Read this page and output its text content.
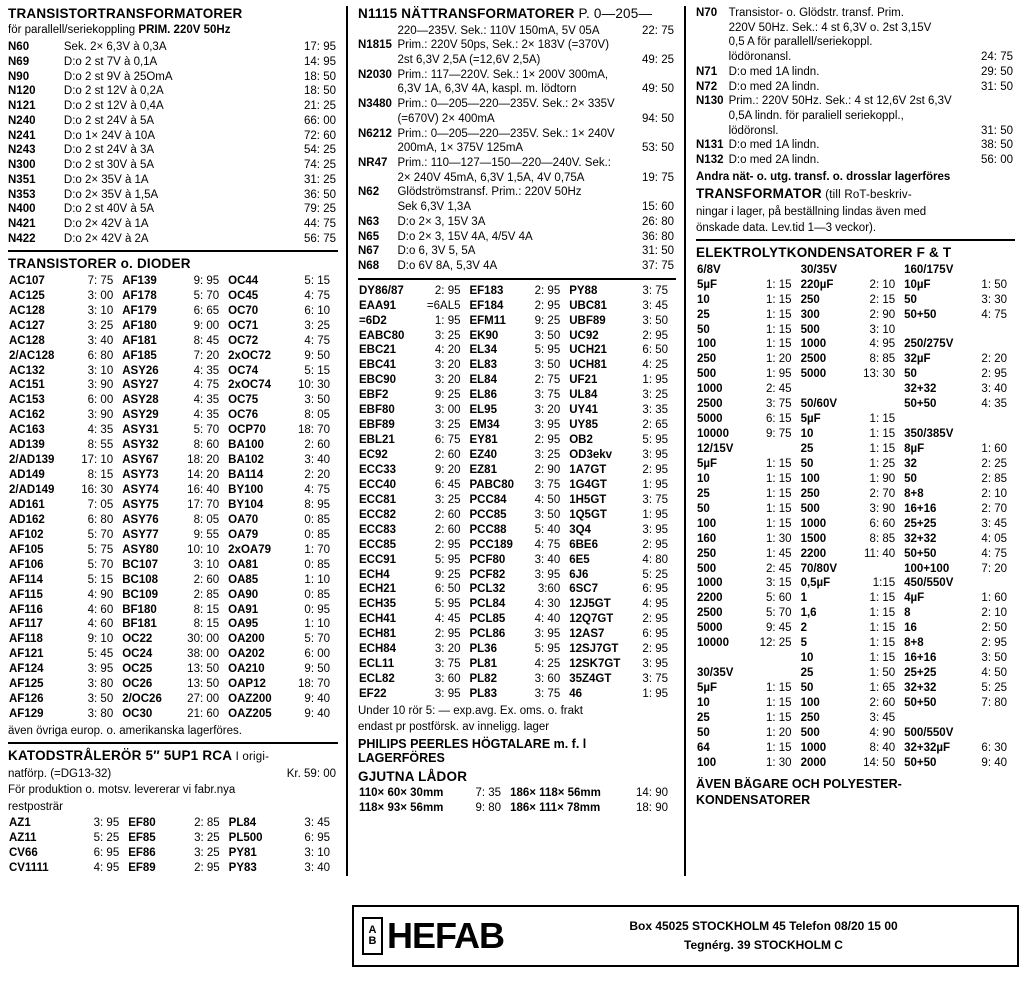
TRANSISTORTRANSFORMATORER

för parallell/seriekoppling PRIM. 220V 50Hz

N60	Sek. 2× 6,3V à 0,3A	17: 95
N69	D:o 2 st 7V à 0,1A	14: 95
N90	D:o 2 st 9V à 25OmA	18: 50
N120	D:o 2 st 12V à 0,2A	18: 50
N121	D:o 2 st 12V à 0,4A	21: 25
N240	D:o 2 st 24V à 5A	66: 00
N241	D:o 1× 24V à 10A	72: 60
N243	D:o 2 st 24V à 3A	54: 25
N300	D:o 2 st 30V à 5A	74: 25
N351	D:o 2× 35V à 1A	31: 25
N353	D:o 2× 35V à 1,5A	36: 50
N400	D:o 2 st 40V à 5A	79: 25
N421	D:o 2× 42V à 1A	44: 75
N422	D:o 2× 42V à 2A	56: 75
TRANSISTORER o. DIODER
AC107	7: 75	AF139	9: 95	OC44	5: 15
AC125	3: 00	AF178	5: 70	OC45	4: 75
AC128	3: 10	AF179	6: 65	OC70	6: 10
AC127	3: 25	AF180	9: 00	OC71	3: 25
AC128	3: 40	AF181	8: 45	OC72	4: 75
2/AC128	6: 80	AF185	7: 20	2xOC72	9: 50
AC132	3: 10	ASY26	4: 35	OC74	5: 15
AC151	3: 90	ASY27	4: 75	2xOC74	10: 30
AC153	6: 00	ASY28	4: 35	OC75	3: 50
AC162	3: 90	ASY29	4: 35	OC76	8: 05
AC163	4: 35	ASY31	5: 70	OCP70	18: 70
AD139	8: 55	ASY32	8: 60	BA100	2: 60
2/AD139	17: 10	ASY67	18: 20	BA102	3: 40
AD149	8: 15	ASY73	14: 20	BA114	2: 20
2/AD149	16: 30	ASY74	16: 40	BY100	4: 75
AD161	7: 05	ASY75	17: 70	BY104	8: 95
AD162	6: 80	ASY76	8: 05	OA70	0: 85
AF102	5: 70	ASY77	9: 55	OA79	0: 85
AF105	5: 75	ASY80	10: 10	2xOA79	1: 70
AF106	5: 70	BC107	3: 10	OA81	0: 85
AF114	5: 15	BC108	2: 60	OA85	1: 10
AF115	4: 90	BC109	2: 85	OA90	0: 85
AF116	4: 60	BF180	8: 15	OA91	0: 95
AF117	4: 60	BF181	8: 15	OA95	1: 10
AF118	9: 10	OC22	30: 00	OA200	5: 70
AF121	5: 45	OC24	38: 00	OA202	6: 00
AF124	3: 95	OC25	13: 50	OA210	9: 50
AF125	3: 80	OC26	13: 50	OAP12	18: 70
AF126	3: 50	2/OC26	27: 00	OAZ200	9: 40
AF129	3: 80	OC30	21: 60	OAZ205	9: 40
även övriga europ. o. amerikanska lagerföres.
KATODSTRÅLERÖR 5″ 5UP1 RCA I origi-
natförp. (=DG13-32)	Kr. 59: 00
För produktion o. motsv. levererar vi fabr.nya
restposträr
AZ1	3: 95	EF80	2: 85	PL84	3: 45
AZ11	5: 25	EF85	3: 25	PL500	6: 95
CV66	6: 95	EF86	3: 25	PY81	3: 10
CV1111	4: 95	EF89	2: 95	PY83	3: 40
N1115 NÄTTRANSFORMATORER P. 0—205—
	220—235V. Sek.: 110V 150mA, 5V 05A	22: 75
N1815	Prim.: 220V 50ps, Sek.: 2× 183V (=370V)	
	2st 6,3V 2,5A (=12,6V 2,5A)	49: 25
N2030	Prim.: 117—220V. Sek.: 1× 200V 300mA,	
	6,3V 1A, 6,3V 4A, kaspl. m. lödtorn	49: 50
N3480	Prim.: 0—205—220—235V. Sek.: 2× 335V	
	(=670V) 2× 400mA	94: 50
N6212	Prim.: 0—205—220—235V. Sek.: 1× 240V	
	200mA, 1× 375V 125mA	53: 50
NR47	Prim.: 110—127—150—220—240V. Sek.:	
	2× 240V 45mA, 6,3V 1,5A, 4V 0,75A	19: 75
N62	Glödströmstransf. Prim.: 220V 50Hz	
	Sek 6,3V 1,3A	15: 60
N63	D:o 2× 3, 15V 3A	26: 80
N65	D:o 2× 3, 15V 4A, 4/5V 4A	36: 80
N67	D:o 6, 3V 5, 5A	31: 50
N68	D:o 6V 8A, 5,3V 4A	37: 75
DY86/87	2: 95	EF183	2: 95	PY88	3: 75
EAA91	=6AL5	EF184	2: 95	UBC81	3: 45
=6D2	1: 95	EFM11	9: 25	UBF89	3: 50
EABC80	3: 25	EK90	3: 50	UC92	2: 95
EBC21	4: 20	EL34	5: 95	UCH21	6: 50
EBC41	3: 20	EL83	3: 50	UCH81	4: 25
EBC90	3: 20	EL84	2: 75	UF21	1: 95
EBF2	9: 25	EL86	3: 75	UL84	3: 25
EBF80	3: 00	EL95	3: 20	UY41	3: 35
EBF89	3: 25	EM34	3: 95	UY85	2: 65
EBL21	6: 75	EY81	2: 95	OB2	5: 95
EC92	2: 60	EZ40	3: 25	OD3ekv	3: 95
ECC33	9: 20	EZ81	2: 90	1A7GT	2: 95
ECC40	6: 45	PABC80	3: 75	1G4GT	1: 95
ECC81	3: 25	PCC84	4: 50	1H5GT	3: 75
ECC82	2: 60	PCC85	3: 50	1Q5GT	1: 95
ECC83	2: 60	PCC88	5: 40	3Q4	3: 95
ECC85	2: 95	PCC189	4: 75	6BE6	2: 95
ECC91	5: 95	PCF80	3: 40	6E5	4: 80
ECH4	9: 25	PCF82	3: 95	6J6	5: 25
ECH21	6: 50	PCL32	3:60	6SC7	6: 95
ECH35	5: 95	PCL84	4: 30	12J5GT	4: 95
ECH41	4: 45	PCL85	4: 40	12Q7GT	2: 95
ECH81	2: 95	PCL86	3: 95	12AS7	6: 95
ECH84	3: 20	PL36	5: 95	12SJ7GT	2: 95
ECL11	3: 75	PL81	4: 25	12SK7GT	3: 95
ECL82	3: 60	PL82	3: 60	35Z4GT	3: 75
EF22	3: 95	PL83	3: 75	46	1: 95
Under 10 rör 5: — exp.avg. Ex. oms. o. frakt
endast pr postförsk. av inneligg. lager
PHILIPS PEERLES HÖGTALARE m. f. l
LAGERFÖRES
GJUTNA LÅDOR
110× 60× 30mm	7: 35	186× 118× 56mm	14: 90
118× 93× 56mm	9: 80	186× 111× 78mm	18: 90
N70	Transistor- o. Glödstr. transf. Prim.	
	220V 50Hz. Sek.: 4 st 6,3V o. 2st 3,15V	
	0,5 A för parallell/seriekoppl.	
	lödöronansl.	24: 75
N71	D:o med 1A lindn.	29: 50
N72	D:o med 2A lindn.	31: 50
N130	Prim.: 220V 50Hz. Sek.: 4 st 12,6V 2st 6,3V	
	0,5A lindn. för paraliell seriekoppl.,	
	lödöronsl.	31: 50
N131	D:o med 1A lindn.	38: 50
N132	D:o med 2A lindn.	56: 00
Andra nät- o. utg. transf. o. drosslar lagerföres
TRANSFORMATOR (till RoT-beskriv-
ningar i lager, på beställning lindas även med
önskade data. Lev.tid 1—3 veckor).
ELEKTROLYTKONDENSATORER F & T
6/8V		30/35V		160/175V	
5µF	1: 15	220µF	2: 10	10µF	1: 50
10	1: 15	250	2: 15	50	3: 30
25	1: 15	300	2: 90	50+50	4: 75
50	1: 15	500	3: 10		
100	1: 15	1000	4: 95	250/275V	
250	1: 20	2500	8: 85	32µF	2: 20
500	1: 95	5000	13: 30	50	2: 95
1000	2: 45			32+32	3: 40
2500	3: 75	50/60V		50+50	4: 35
5000	6: 15	5µF	1: 15		
10000	9: 75	10	1: 15	350/385V	
12/15V		25	1: 15	8µF	1: 60
5µF	1: 15	50	1: 25	32	2: 25
10	1: 15	100	1: 90	50	2: 85
25	1: 15	250	2: 70	8+8	2: 10
50	1: 15	500	3: 90	16+16	2: 70
100	1: 15	1000	6: 60	25+25	3: 45
160	1: 30	1500	8: 85	32+32	4: 05
250	1: 45	2200	11: 40	50+50	4: 75
500	2: 45	70/80V		100+100	7: 20
1000	3: 15	0,5µF	1:15	450/550V	
2200	5: 60	1	1: 15	4µF	1: 60
2500	5: 70	1,6	1: 15	8	2: 10
5000	9: 45	2	1: 15	16	2: 50
10000	12: 25	5	1: 15	8+8	2: 95
		10	1: 15	16+16	3: 50
30/35V		25	1: 50	25+25	4: 50
5µF	1: 15	50	1: 65	32+32	5: 25
10	1: 15	100	2: 60	50+50	7: 80
25	1: 15	250	3: 45		
50	1: 20	500	4: 90	500/550V	
64	1: 15	1000	8: 40	32+32µF	6: 30
100	1: 30	2000	14: 50	50+50	9: 40
ÄVEN BÄGARE OCH POLYESTER-
KONDENSATORER
A
B HEFAB	Box 45025 STOCKHOLM 45 Telefon 08/20 15 00
Tegnérg. 39 STOCKHOLM C
